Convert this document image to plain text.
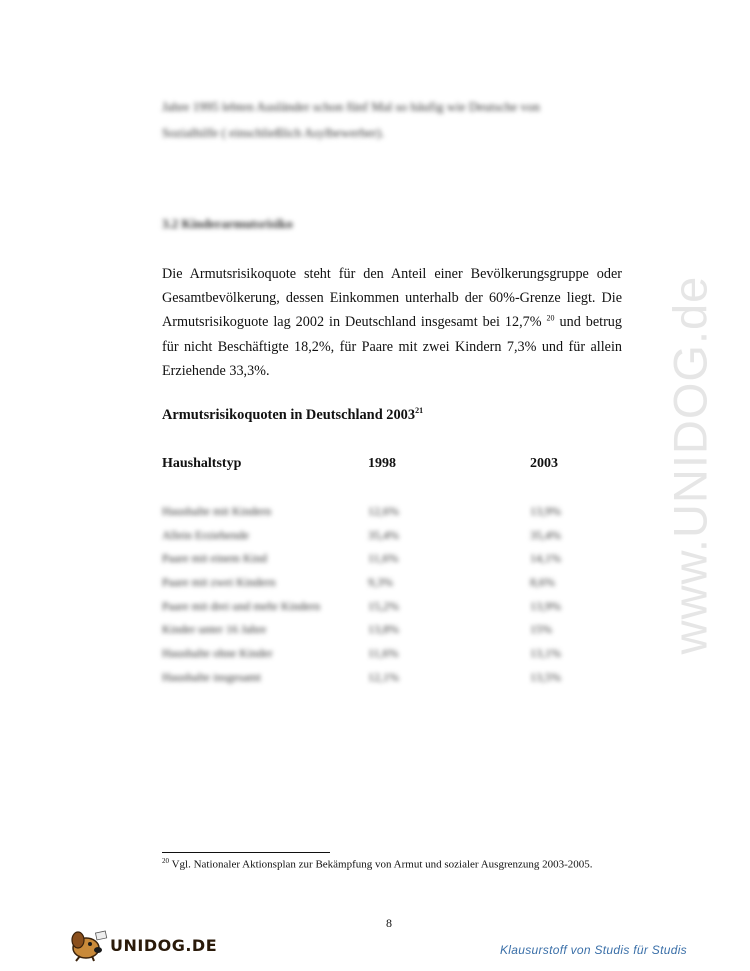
www.UNIDOG.de
Jahre 1995 lebten Ausländer schon fünf Mal so häufig wie Deutsche von
Sozialhilfe ( einschließlich Asylbewerber).
3.2 Kinderarmutsrisiko
Die Armutsrisikoquote steht für den Anteil einer Bevölkerungsgruppe oder Gesamtbevölkerung, dessen Einkommen unterhalb der 60%-Grenze liegt. Die Armutsrisikoguote lag 2002 in Deutschland insgesamt bei 12,7% $^{20}$ und betrug für nicht Beschäftigte 18,2%, für Paare mit zwei Kindern 7,3% und für allein Erziehende 33,3%.
Armutsrisikoquoten in Deutschland 2003$^{21}$
Haushaltstyp	1998	2003
Haushalte mit Kindern	12,6%	13,9%
Allein Erziehende	35,4%	35,4%
Paare mit einem Kind	11,6%	14,1%
Paare mit zwei Kindern	9,3%	8,6%
Paare mit drei und mehr Kindern	15,2%	13,9%
Kinder unter 16 Jahre	13,8%	15%
Haushalte ohne Kinder	11,6%	13,1%
Haushalte insgesamt	12,1%	13,5%
$^{20}$ Vgl. Nationaler Aktionsplan zur Bekämpfung von Armut und sozialer Ausgrenzung 2003-2005.
8
UNIDOG.DE	Klausurstoff von Studis für Studis
